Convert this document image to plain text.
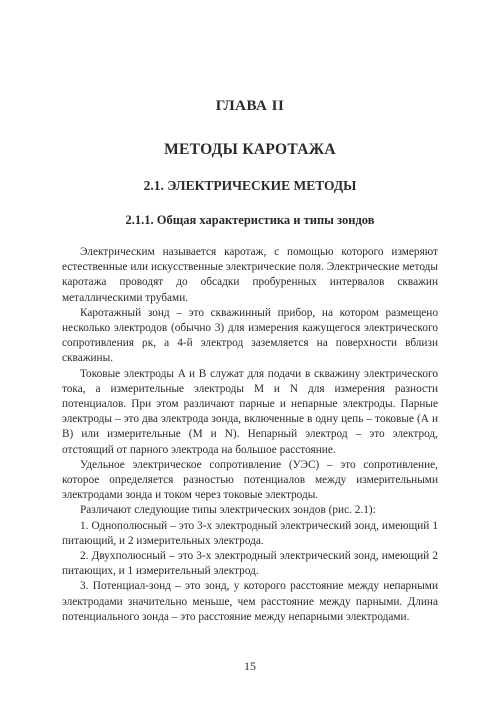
ГЛАВА II
МЕТОДЫ КАРОТАЖА
2.1. ЭЛЕКТРИЧЕСКИЕ МЕТОДЫ
2.1.1. Общая характеристика и типы зондов

Электрическим называется каротаж, с помощью которого измеряют естественные или искусственные электрические поля. Электрические методы каротажа проводят до обсадки пробуренных интервалов скважин металлическими трубами.

Каротажный зонд – это скважинный прибор, на котором размещено несколько электродов (обычно 3) для измерения кажущегося электрического сопротивления ρк, а 4-й электрод заземляется на поверхности вблизи скважины.

Токовые электроды A и B служат для подачи в скважину электрического тока, а измерительные электроды M и N для измерения разности потенциалов. При этом различают парные и непарные электроды. Парные электроды – это два электрода зонда, включенные в одну цепь – токовые (А и В) или измерительные (М и N). Непарный электрод – это электрод, отстоящий от парного электрода на большое расстояние.

Удельное электрическое сопротивление (УЭС) – это сопротивление, которое определяется разностью потенциалов между измерительными электродами зонда и током через токовые электроды.

Различают следующие типы электрических зондов (рис. 2.1):

1. Однополюсный – это 3-х электродный электрический зонд, имеющий 1 питающий, и 2 измерительных электрода.

2. Двухполюсный – это 3-х электродный электрический зонд, имеющий 2 питающих, и 1 измерительный электрод.

3. Потенциал-зонд – это зонд, у которого расстояние между непарными электродами значительно меньше, чем расстояние между парными. Длина потенциального зонда – это расстояние между непарными электродами.

15
